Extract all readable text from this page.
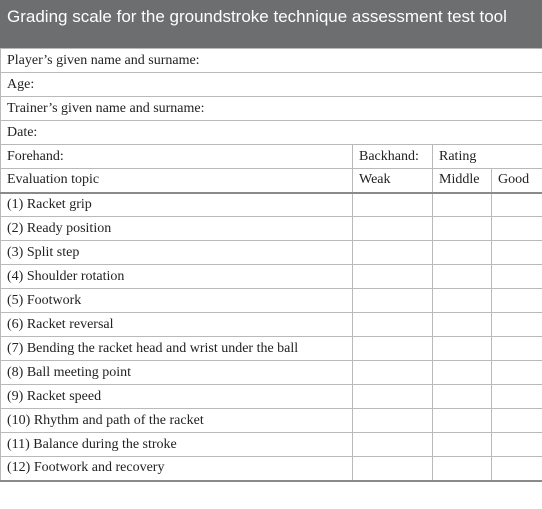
Grading scale for the groundstroke technique assessment test tool
Player’s given name and surname:			
Age:			
Trainer’s given name and surname:			
Date:			
Forehand:	Backhand:	Rating	
Evaluation topic	Weak	Middle	Good
(1) Racket grip			
(2) Ready position			
(3) Split step			
(4) Shoulder rotation			
(5) Footwork			
(6) Racket reversal			
(7) Bending the racket head and wrist under the ball			
(8) Ball meeting point			
(9) Racket speed			
(10) Rhythm and path of the racket			
(11) Balance during the stroke			
(12) Footwork and recovery			
